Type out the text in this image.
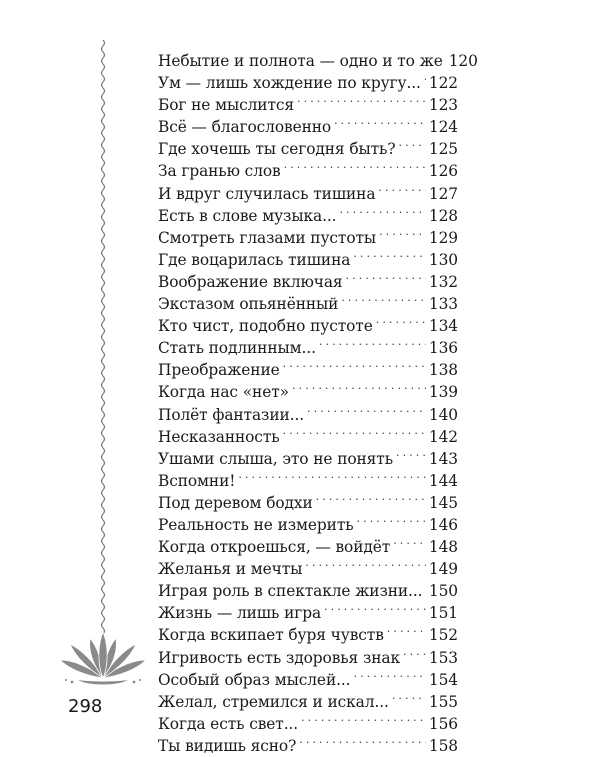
Небытие и полнота — одно и то же 120
Ум — лишь хождение по кругу... . . . 122
Бог не мыслится . . .	123
Всё — благословенно . . .	124
Где хочешь ты сегодня быть? . . . 125
За гранью слов . . .	126
И вдруг случилась тишина . . .	127
Есть в слове музыка... . . .	128
Смотреть глазами пустоты . . .	129
Где воцарилась тишина . . .	130
Воображение включая . . .	132
Экстазом опьянённый . . .	133
Кто чист, подобно пустоте . . .	134
Стать подлинным... . . .	136
Преображение . . .	138
Когда нас «нет» . . .	139
Полёт фантазии... . . .	140
Несказанность . . .	142
Ушами слыша, это не понять . . . 143
Вспомни! . . .	144
Под деревом бодхи . . .	145
Реальность не измерить . . .	146
Когда откроешься, — войдёт . . .	148
Желанья и мечты . . .	149
Играя роль в спектакле жизни... . . . 150
Жизнь — лишь игра . . .	151
Когда вскипает буря чувств . . .	152
Игривость есть здоровья знак . . . 153
Особый образ мыслей... . . .	154
Желал, стремился и искал... . . .	155
Когда есть свет... . . .	156
Ты видишь ясно? . . .	158
298
